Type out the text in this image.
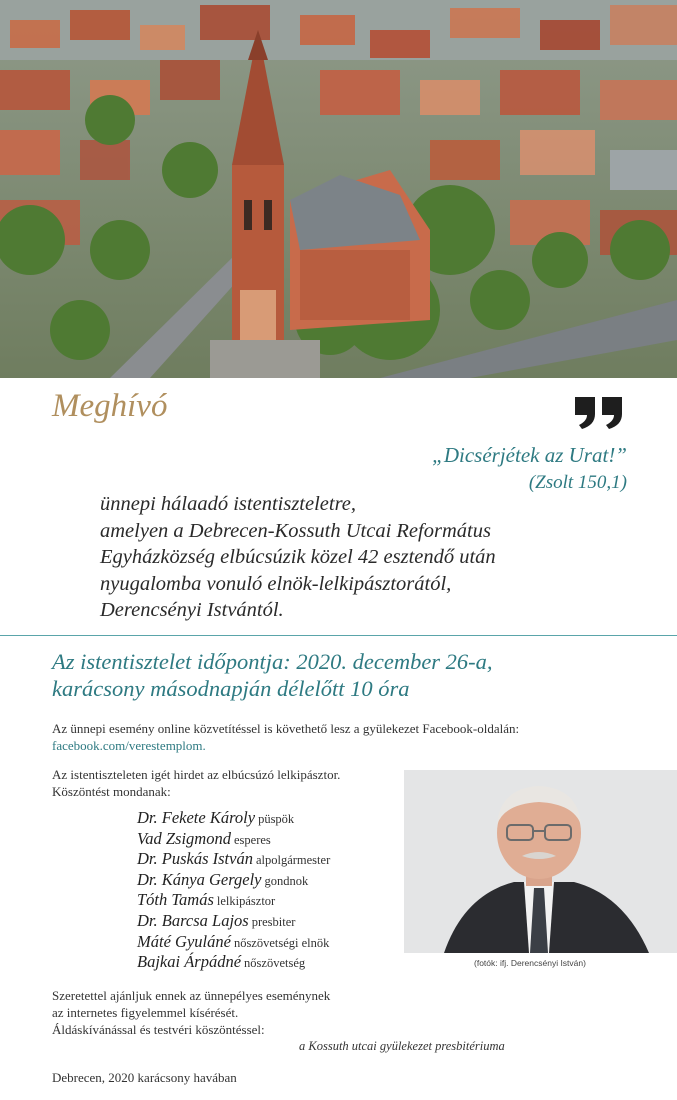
Meghívó
„Dicsérjétek az Urat!”
(Zsolt 150,1)
ünnepi hálaadó istentiszteletre,
amelyen a Debrecen-Kossuth Utcai Református
Egyházközség elbúcsúzik közel 42 esztendő után
nyugalomba vonuló elnök-lelkipásztorától,
Derencsényi Istvántól.
Az istentisztelet időpontja: 2020. december 26-a,
karácsony másodnapján délelőtt 10 óra
Az ünnepi esemény online közvetítéssel is követhető lesz a gyülekezet Facebook-oldalán:
facebook.com/verestemplom.
Az istentiszteleten igét hirdet az elbúcsúzó lelkipásztor.
Köszöntést mondanak:
Dr. Fekete Károly püspök
Vad Zsigmond esperes
Dr. Puskás István alpolgármester
Dr. Kánya Gergely gondnok
Tóth Tamás lelkipásztor
Dr. Barcsa Lajos presbiter
Máté Gyuláné nőszövetségi elnök
Bajkai Árpádné nőszövetség	(fotók: ifj. Derencsényi István)
Szeretettel ajánljuk ennek az ünnepélyes eseménynek
az internetes figyelemmel kísérését.
Áldáskívánással és testvéri köszöntéssel:
a Kossuth utcai gyülekezet presbitériuma
Debrecen, 2020 karácsony havában
